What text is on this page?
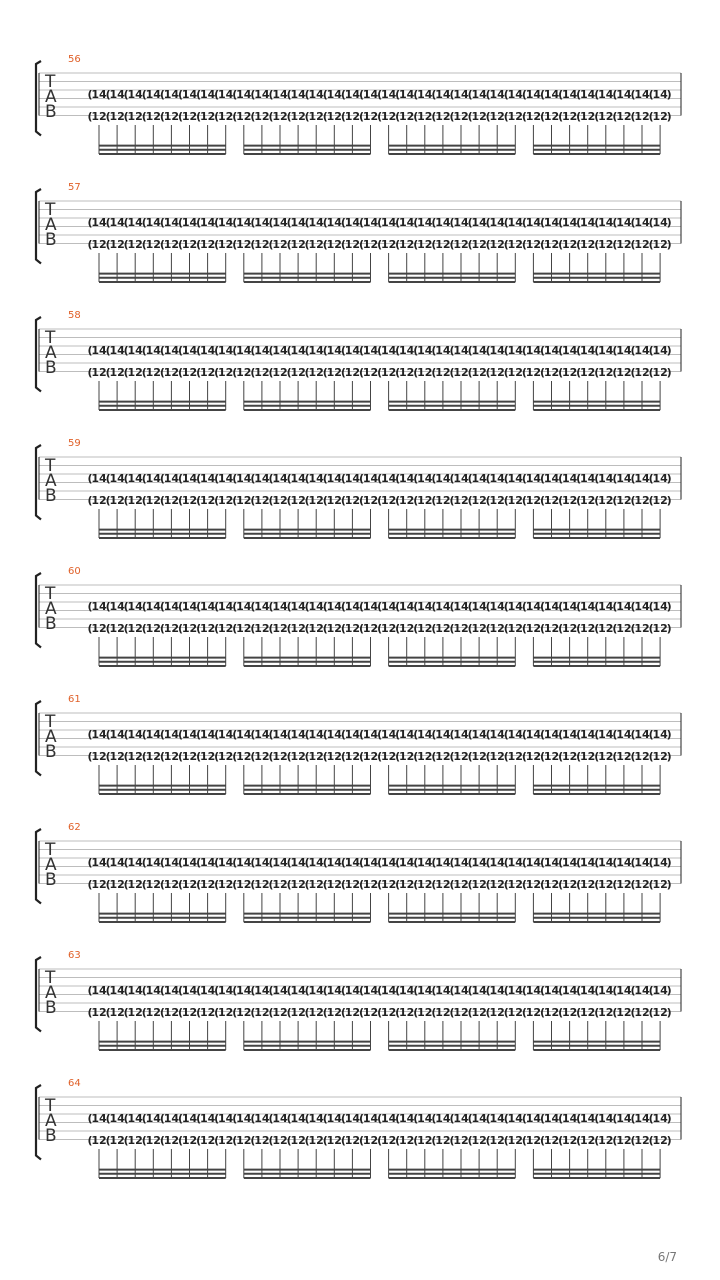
56
T
A
B
14
12
(
(
14
12
(
(
14
12
(
(
14
12
(
(
14
12
(
(
14
12
(
(
14
12
(
(
14
12
(
(
14
12
(
(
14
12
(
(
14
12
(
(
14
12
(
(
14
12
(
(
14
12
(
(
14
12
(
(
14
12
(
(
14
12
(
(
14
12
(
(
14
12
(
(
14
12
(
(
14
12
(
(
14
12
(
(
14
12
(
(
14
12
(
(
14
12
(
(
14
12
(
(
14
12
(
(
14
12
(
(
14
12
(
(
14
12
(
(
14
12
(
(
14
12
(
(
)
)
57
T
A
B
14
12
(
(
14
12
(
(
14
12
(
(
14
12
(
(
14
12
(
(
14
12
(
(
14
12
(
(
14
12
(
(
14
12
(
(
14
12
(
(
14
12
(
(
14
12
(
(
14
12
(
(
14
12
(
(
14
12
(
(
14
12
(
(
14
12
(
(
14
12
(
(
14
12
(
(
14
12
(
(
14
12
(
(
14
12
(
(
14
12
(
(
14
12
(
(
14
12
(
(
14
12
(
(
14
12
(
(
14
12
(
(
14
12
(
(
14
12
(
(
14
12
(
(
14
12
(
(
)
)
58
T
A
B
14
12
(
(
14
12
(
(
14
12
(
(
14
12
(
(
14
12
(
(
14
12
(
(
14
12
(
(
14
12
(
(
14
12
(
(
14
12
(
(
14
12
(
(
14
12
(
(
14
12
(
(
14
12
(
(
14
12
(
(
14
12
(
(
14
12
(
(
14
12
(
(
14
12
(
(
14
12
(
(
14
12
(
(
14
12
(
(
14
12
(
(
14
12
(
(
14
12
(
(
14
12
(
(
14
12
(
(
14
12
(
(
14
12
(
(
14
12
(
(
14
12
(
(
14
12
(
(
)
)
59
T
A
B
14
12
(
(
14
12
(
(
14
12
(
(
14
12
(
(
14
12
(
(
14
12
(
(
14
12
(
(
14
12
(
(
14
12
(
(
14
12
(
(
14
12
(
(
14
12
(
(
14
12
(
(
14
12
(
(
14
12
(
(
14
12
(
(
14
12
(
(
14
12
(
(
14
12
(
(
14
12
(
(
14
12
(
(
14
12
(
(
14
12
(
(
14
12
(
(
14
12
(
(
14
12
(
(
14
12
(
(
14
12
(
(
14
12
(
(
14
12
(
(
14
12
(
(
14
12
(
(
)
)
60
T
A
B
14
12
(
(
14
12
(
(
14
12
(
(
14
12
(
(
14
12
(
(
14
12
(
(
14
12
(
(
14
12
(
(
14
12
(
(
14
12
(
(
14
12
(
(
14
12
(
(
14
12
(
(
14
12
(
(
14
12
(
(
14
12
(
(
14
12
(
(
14
12
(
(
14
12
(
(
14
12
(
(
14
12
(
(
14
12
(
(
14
12
(
(
14
12
(
(
14
12
(
(
14
12
(
(
14
12
(
(
14
12
(
(
14
12
(
(
14
12
(
(
14
12
(
(
14
12
(
(
)
)
61
T
A
B
14
12
(
(
14
12
(
(
14
12
(
(
14
12
(
(
14
12
(
(
14
12
(
(
14
12
(
(
14
12
(
(
14
12
(
(
14
12
(
(
14
12
(
(
14
12
(
(
14
12
(
(
14
12
(
(
14
12
(
(
14
12
(
(
14
12
(
(
14
12
(
(
14
12
(
(
14
12
(
(
14
12
(
(
14
12
(
(
14
12
(
(
14
12
(
(
14
12
(
(
14
12
(
(
14
12
(
(
14
12
(
(
14
12
(
(
14
12
(
(
14
12
(
(
14
12
(
(
)
)
62
T
A
B
14
12
(
(
14
12
(
(
14
12
(
(
14
12
(
(
14
12
(
(
14
12
(
(
14
12
(
(
14
12
(
(
14
12
(
(
14
12
(
(
14
12
(
(
14
12
(
(
14
12
(
(
14
12
(
(
14
12
(
(
14
12
(
(
14
12
(
(
14
12
(
(
14
12
(
(
14
12
(
(
14
12
(
(
14
12
(
(
14
12
(
(
14
12
(
(
14
12
(
(
14
12
(
(
14
12
(
(
14
12
(
(
14
12
(
(
14
12
(
(
14
12
(
(
14
12
(
(
)
)
63
T
A
B
14
12
(
(
14
12
(
(
14
12
(
(
14
12
(
(
14
12
(
(
14
12
(
(
14
12
(
(
14
12
(
(
14
12
(
(
14
12
(
(
14
12
(
(
14
12
(
(
14
12
(
(
14
12
(
(
14
12
(
(
14
12
(
(
14
12
(
(
14
12
(
(
14
12
(
(
14
12
(
(
14
12
(
(
14
12
(
(
14
12
(
(
14
12
(
(
14
12
(
(
14
12
(
(
14
12
(
(
14
12
(
(
14
12
(
(
14
12
(
(
14
12
(
(
14
12
(
(
)
)
64
T
A
B
14
12
(
(
14
12
(
(
14
12
(
(
14
12
(
(
14
12
(
(
14
12
(
(
14
12
(
(
14
12
(
(
14
12
(
(
14
12
(
(
14
12
(
(
14
12
(
(
14
12
(
(
14
12
(
(
14
12
(
(
14
12
(
(
14
12
(
(
14
12
(
(
14
12
(
(
14
12
(
(
14
12
(
(
14
12
(
(
14
12
(
(
14
12
(
(
14
12
(
(
14
12
(
(
14
12
(
(
14
12
(
(
14
12
(
(
14
12
(
(
14
12
(
(
14
12
(
(
)
)
6/7
